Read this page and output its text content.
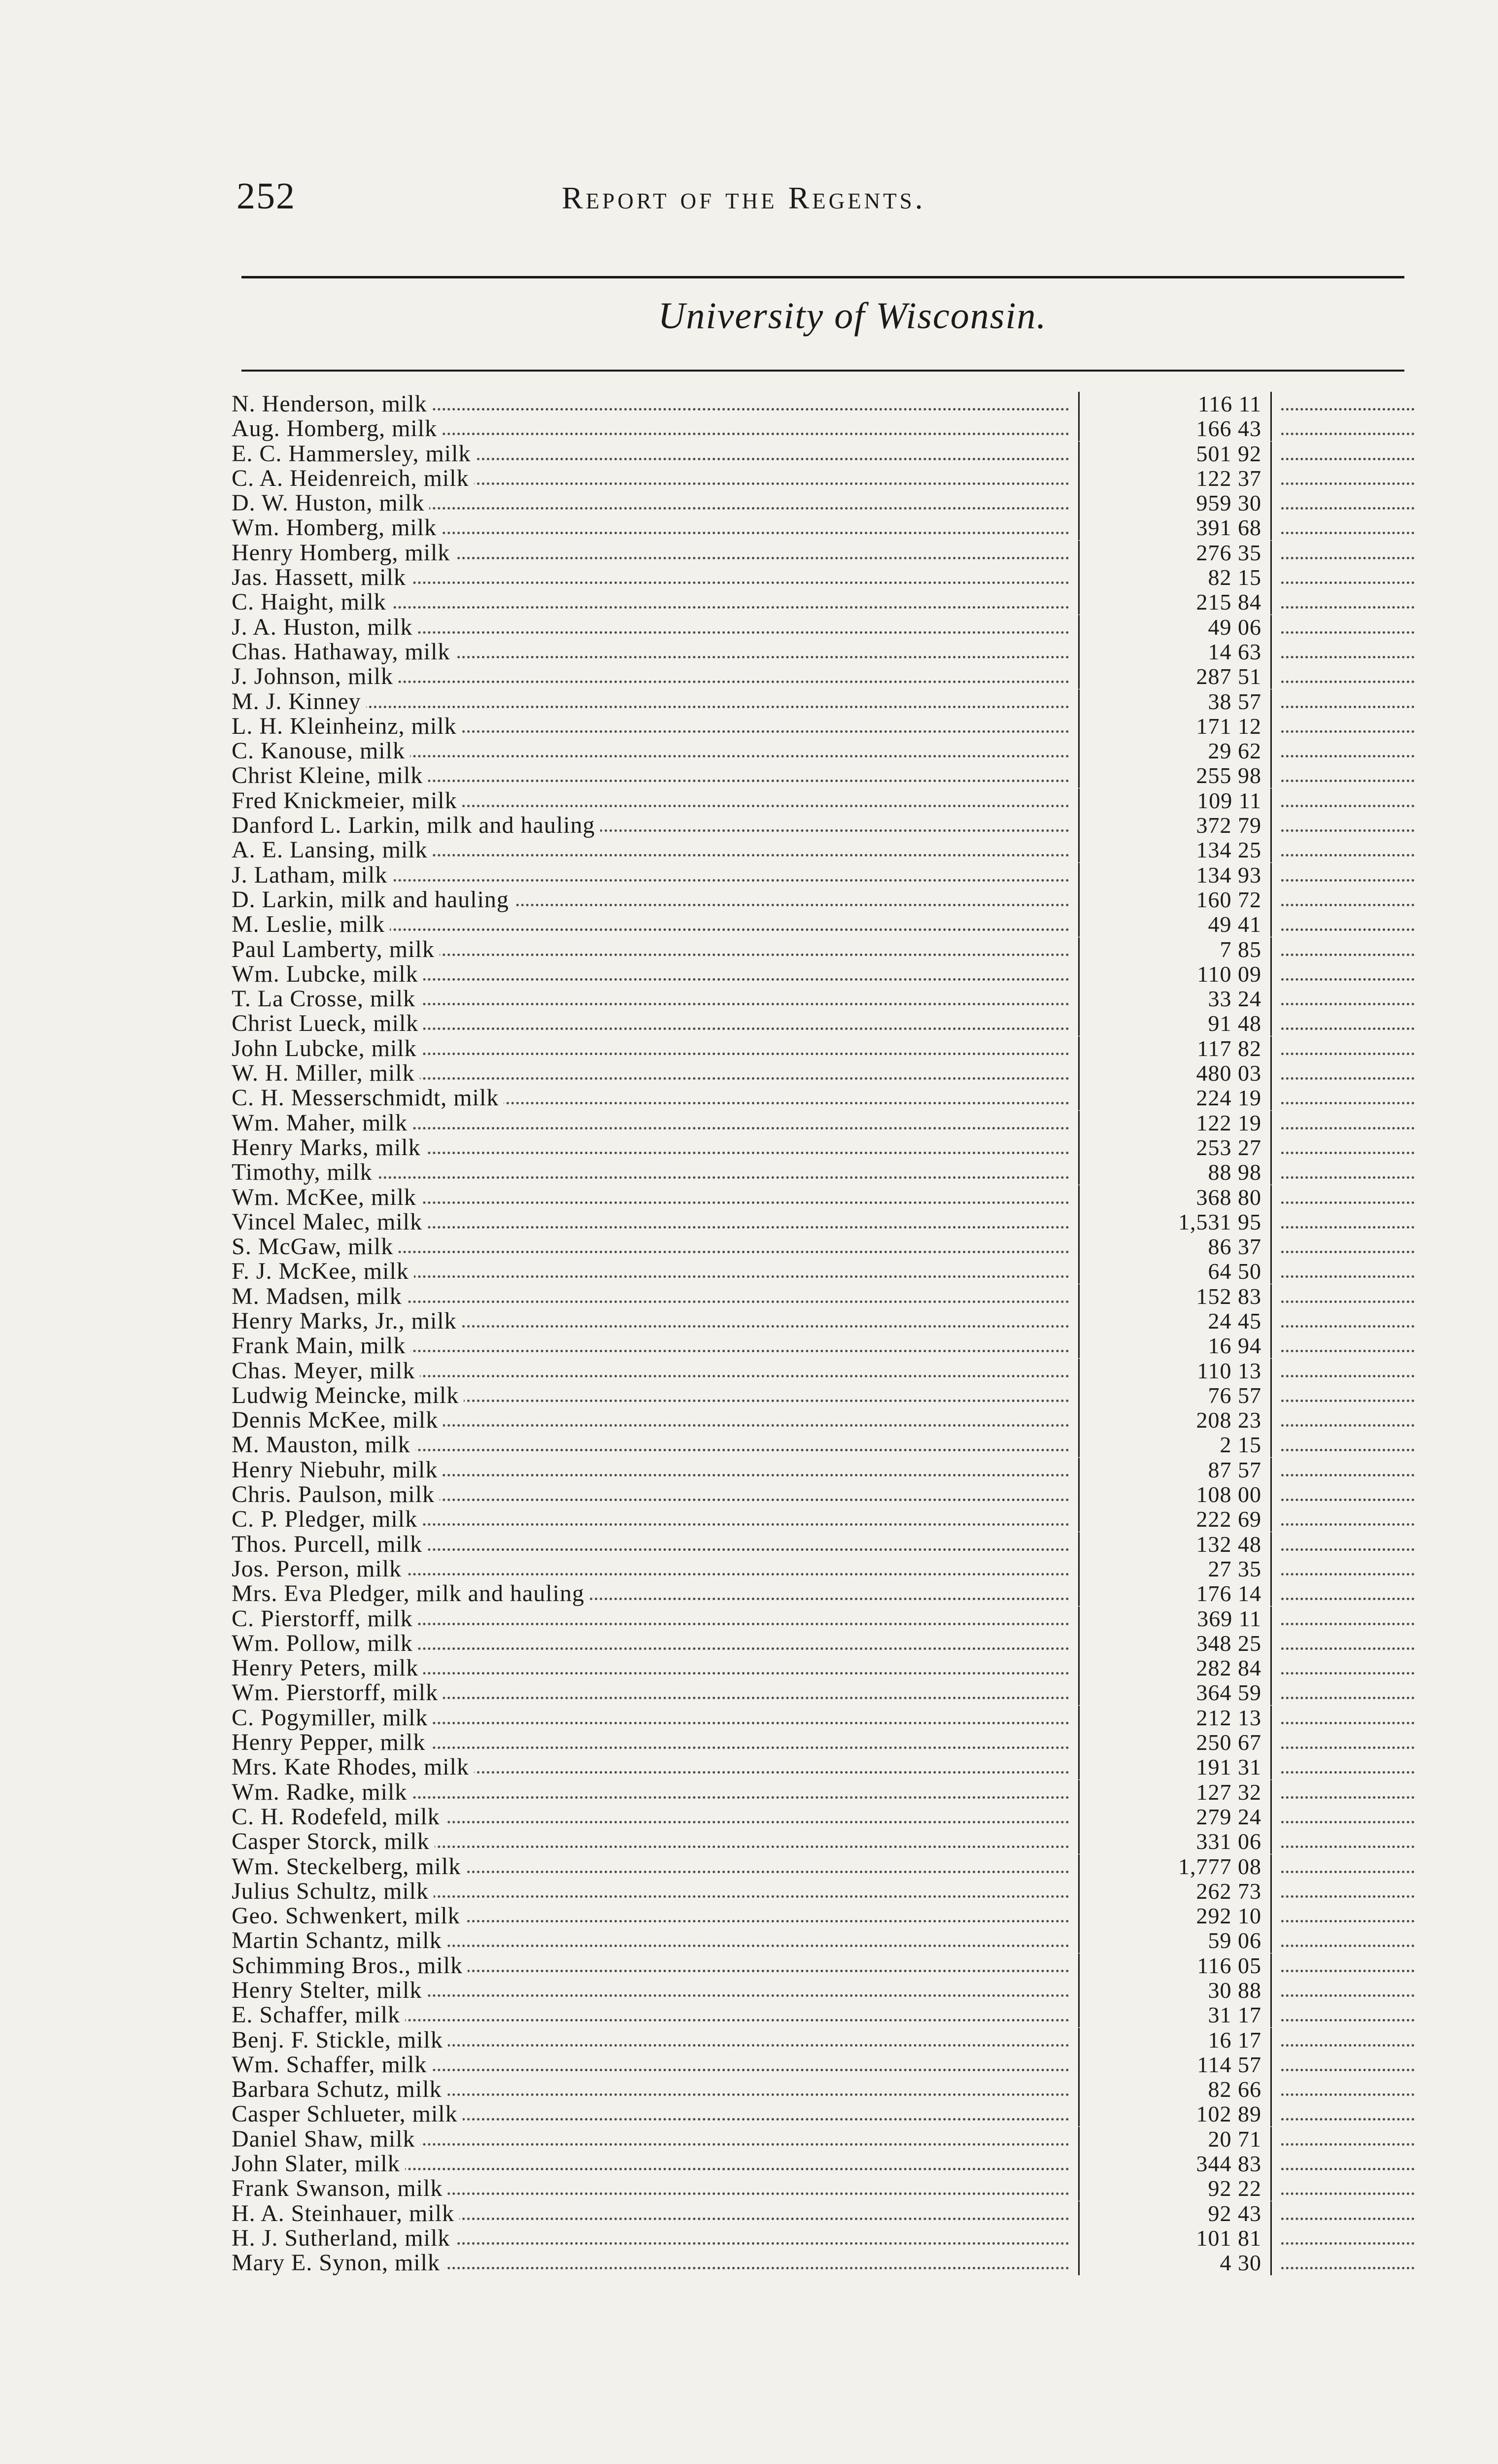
252	Report of the Regents.
University of Wisconsin.
N. Henderson, milk	116 11
Aug. Homberg, milk	166 43
E. C. Hammersley, milk	501 92
C. A. Heidenreich, milk	122 37
D. W. Huston, milk	959 30
Wm. Homberg, milk	391 68
Henry Homberg, milk	276 35
Jas. Hassett, milk	82 15
C. Haight, milk	215 84
J. A. Huston, milk	49 06
Chas. Hathaway, milk	14 63
J. Johnson, milk	287 51
M. J. Kinney	38 57
L. H. Kleinheinz, milk	171 12
C. Kanouse, milk	29 62
Christ Kleine, milk	255 98
Fred Knickmeier, milk	109 11
Danford L. Larkin, milk and hauling	372 79
A. E. Lansing, milk	134 25
J. Latham, milk	134 93
D. Larkin, milk and hauling	160 72
M. Leslie, milk	49 41
Paul Lamberty, milk	7 85
Wm. Lubcke, milk	110 09
T. La Crosse, milk	33 24
Christ Lueck, milk	91 48
John Lubcke, milk	117 82
W. H. Miller, milk	480 03
C. H. Messerschmidt, milk	224 19
Wm. Maher, milk	122 19
Henry Marks, milk	253 27
Timothy, milk	88 98
Wm. McKee, milk	368 80
Vincel Malec, milk	1,531 95
S. McGaw, milk	86 37
F. J. McKee, milk	64 50
M. Madsen, milk	152 83
Henry Marks, Jr., milk	24 45
Frank Main, milk	16 94
Chas. Meyer, milk	110 13
Ludwig Meincke, milk	76 57
Dennis McKee, milk	208 23
M. Mauston, milk	2 15
Henry Niebuhr, milk	87 57
Chris. Paulson, milk	108 00
C. P. Pledger, milk	222 69
Thos. Purcell, milk	132 48
Jos. Person, milk	27 35
Mrs. Eva Pledger, milk and hauling	176 14
C. Pierstorff, milk	369 11
Wm. Pollow, milk	348 25
Henry Peters, milk	282 84
Wm. Pierstorff, milk	364 59
C. Pogymiller, milk	212 13
Henry Pepper, milk	250 67
Mrs. Kate Rhodes, milk	191 31
Wm. Radke, milk	127 32
C. H. Rodefeld, milk	279 24
Casper Storck, milk	331 06
Wm. Steckelberg, milk	1,777 08
Julius Schultz, milk	262 73
Geo. Schwenkert, milk	292 10
Martin Schantz, milk	59 06
Schimming Bros., milk	116 05
Henry Stelter, milk	30 88
E. Schaffer, milk	31 17
Benj. F. Stickle, milk	16 17
Wm. Schaffer, milk	114 57
Barbara Schutz, milk	82 66
Casper Schlueter, milk	102 89
Daniel Shaw, milk	20 71
John Slater, milk	344 83
Frank Swanson, milk	92 22
H. A. Steinhauer, milk	92 43
H. J. Sutherland, milk	101 81
Mary E. Synon, milk	4 30
